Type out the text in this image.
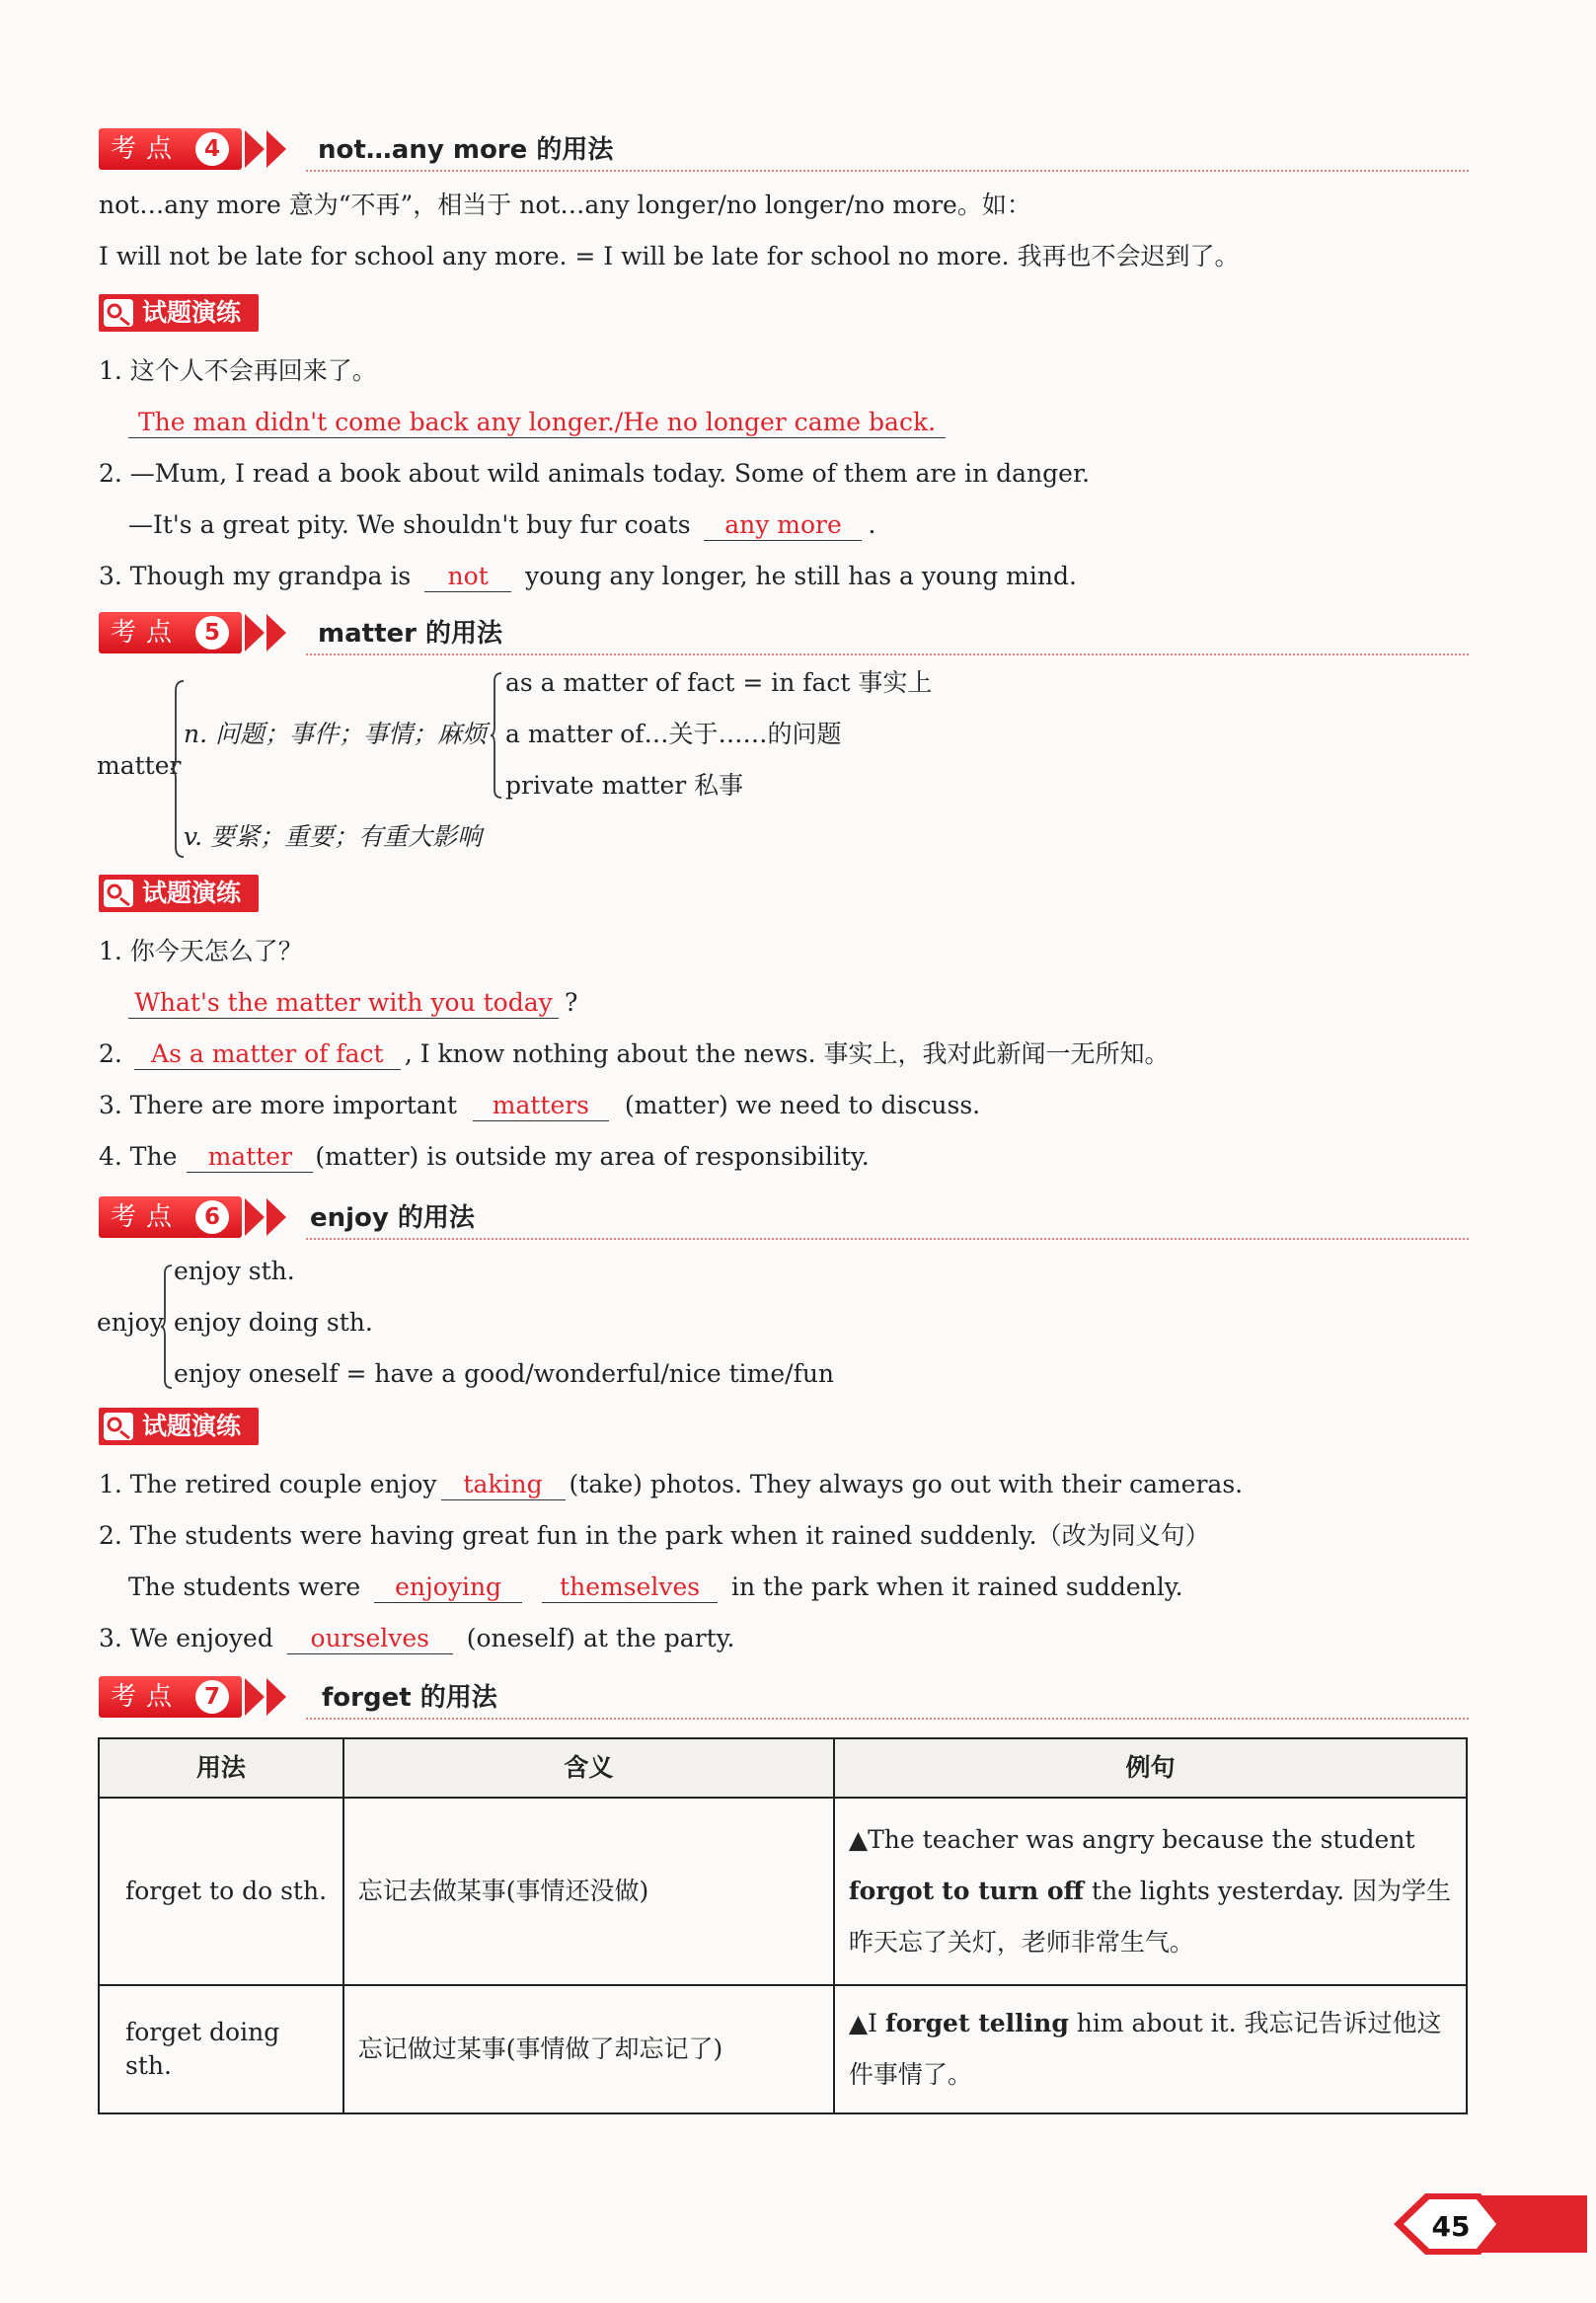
考点 4	not…any more 的用法
not…any more 意为“不再”，相当于 not…any longer/no longer/no more。如：
I will not be late for school any more. = I will be late for school no more. 我再也不会迟到了。
试题演练
1. 这个人不会再回来了。
The man didn't come back any longer./He no longer came back.
2. —Mum, I read a book about wild animals today. Some of them are in danger.
—It's a great pity. We shouldn't buy fur coats any more .
3. Though my grandpa is not young any longer, he still has a young mind.
考点 5	matter 的用法
matter
n. 问题；事件；事情；麻烦
as a matter of fact = in fact 事实上
a matter of…关于……的问题
private matter 私事
v. 要紧；重要；有重大影响
试题演练
1. 你今天怎么了？
What's the matter with you today ?
2. As a matter of fact , I know nothing about the news. 事实上，我对此新闻一无所知。
3. There are more important matters (matter) we need to discuss.
4. The matter (matter) is outside my area of responsibility.
考点 6	enjoy 的用法
enjoy
enjoy sth.
enjoy doing sth.
enjoy oneself = have a good/wonderful/nice time/fun
试题演练
1. The retired couple enjoy taking (take) photos. They always go out with their cameras.
2. The students were having great fun in the park when it rained suddenly.（改为同义句）
The students were enjoying themselves in the park when it rained suddenly.
3. We enjoyed ourselves (oneself) at the party.
考点 7	forget 的用法
用法	含义	例句
forget to do sth.	忘记去做某事(事情还没做)	▲The teacher was angry because the student forgot to turn off the lights yesterday. 因为学生昨天忘了关灯，老师非常生气。
forget doing sth.	忘记做过某事(事情做了却忘记了)	▲I forget telling him about it. 我忘记告诉过他这件事情了。
45
